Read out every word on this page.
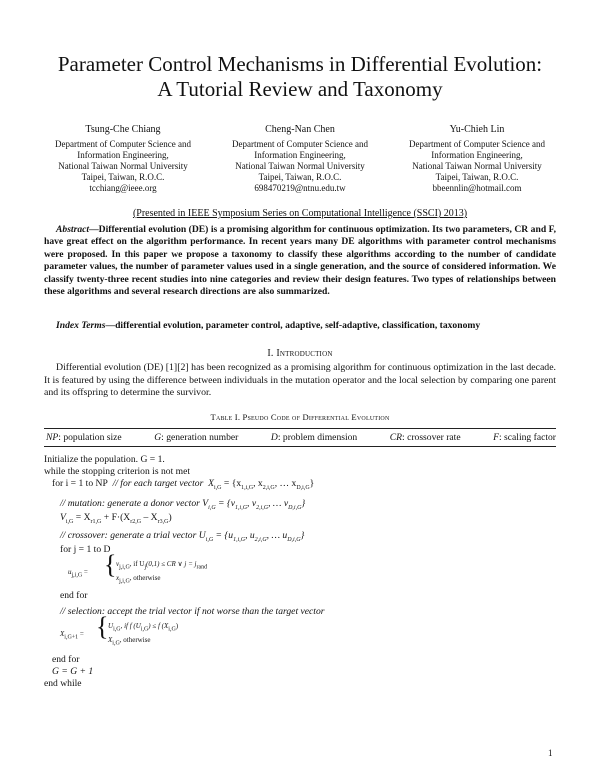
Parameter Control Mechanisms in Differential Evolution:
A Tutorial Review and Taxonomy
Tsung-Che Chiang
Department of Computer Science and
Information Engineering,
National Taiwan Normal University
Taipei, Taiwan, R.O.C.
tcchiang@ieee.org
Cheng-Nan Chen
Department of Computer Science and
Information Engineering,
National Taiwan Normal University
Taipei, Taiwan, R.O.C.
698470219@ntnu.edu.tw
Yu-Chieh Lin
Department of Computer Science and
Information Engineering,
National Taiwan Normal University
Taipei, Taiwan, R.O.C.
bbeennlin@hotmail.com
(Presented in IEEE Symposium Series on Computational Intelligence (SSCI) 2013)

Abstract—Differential evolution (DE) is a promising algorithm for continuous optimization. Its two parameters, CR and F, have great effect on the algorithm performance. In recent years many DE algorithms with parameter control mechanisms were proposed. In this paper we propose a taxonomy to classify these algorithms according to the number of candidate parameter values, the number of parameter values used in a single generation, and the source of considered information. We classify twenty-three recent studies into nine categories and review their design features. Two types of relationships between these algorithms and several research directions are also summarized.

Index Terms—differential evolution, parameter control, adaptive, self-adaptive, classification, taxonomy

I. Introduction

Differential evolution (DE) [1][2] has been recognized as a promising algorithm for continuous optimization in the last decade. It is featured by using the difference between individuals in the mutation operator and the local selection by comparing one parent and its offspring to determine the survivor.

Table I. Pseudo Code of Differential Evolution
NP: population size	G: generation number	D: problem dimension	CR: crossover rate	F: scaling factor
Initialize the population. G = 1.
while the stopping criterion is not met
for i = 1 to NP // for each target vector $X_{i,G} = \{x_{1,i,G}$, $x_{2,i,G}$, … $x_{D,i,G}$}
// mutation: generate a donor vector $V_{i,G} = \{v_{1,i,G}$, $v_{2,i,G}$, … $v_{D,i,G}$}
$V_{i,G} = X_{r1,G} + F\cdot(X_{r2,G} - X_{r3,G})$
// crossover: generate a trial vector $U_{i,G} = \{u_{1,i,G}$, $u_{2,i,G}$, … $u_{D,i,G}$}
for j = 1 to D
uj,i,G = { vj,i,G, if Uj(0,1) ≤ CR ∨ j = jrand
xj,i,G, otherwise
end for
// selection: accept the trial vector if not worse than the target vector
Xi,G+1 = { Ui,G, if f (Ui,G) ≤ f (Xi,G)
Xi,G, otherwise
end for
G = G + 1
end while
1
